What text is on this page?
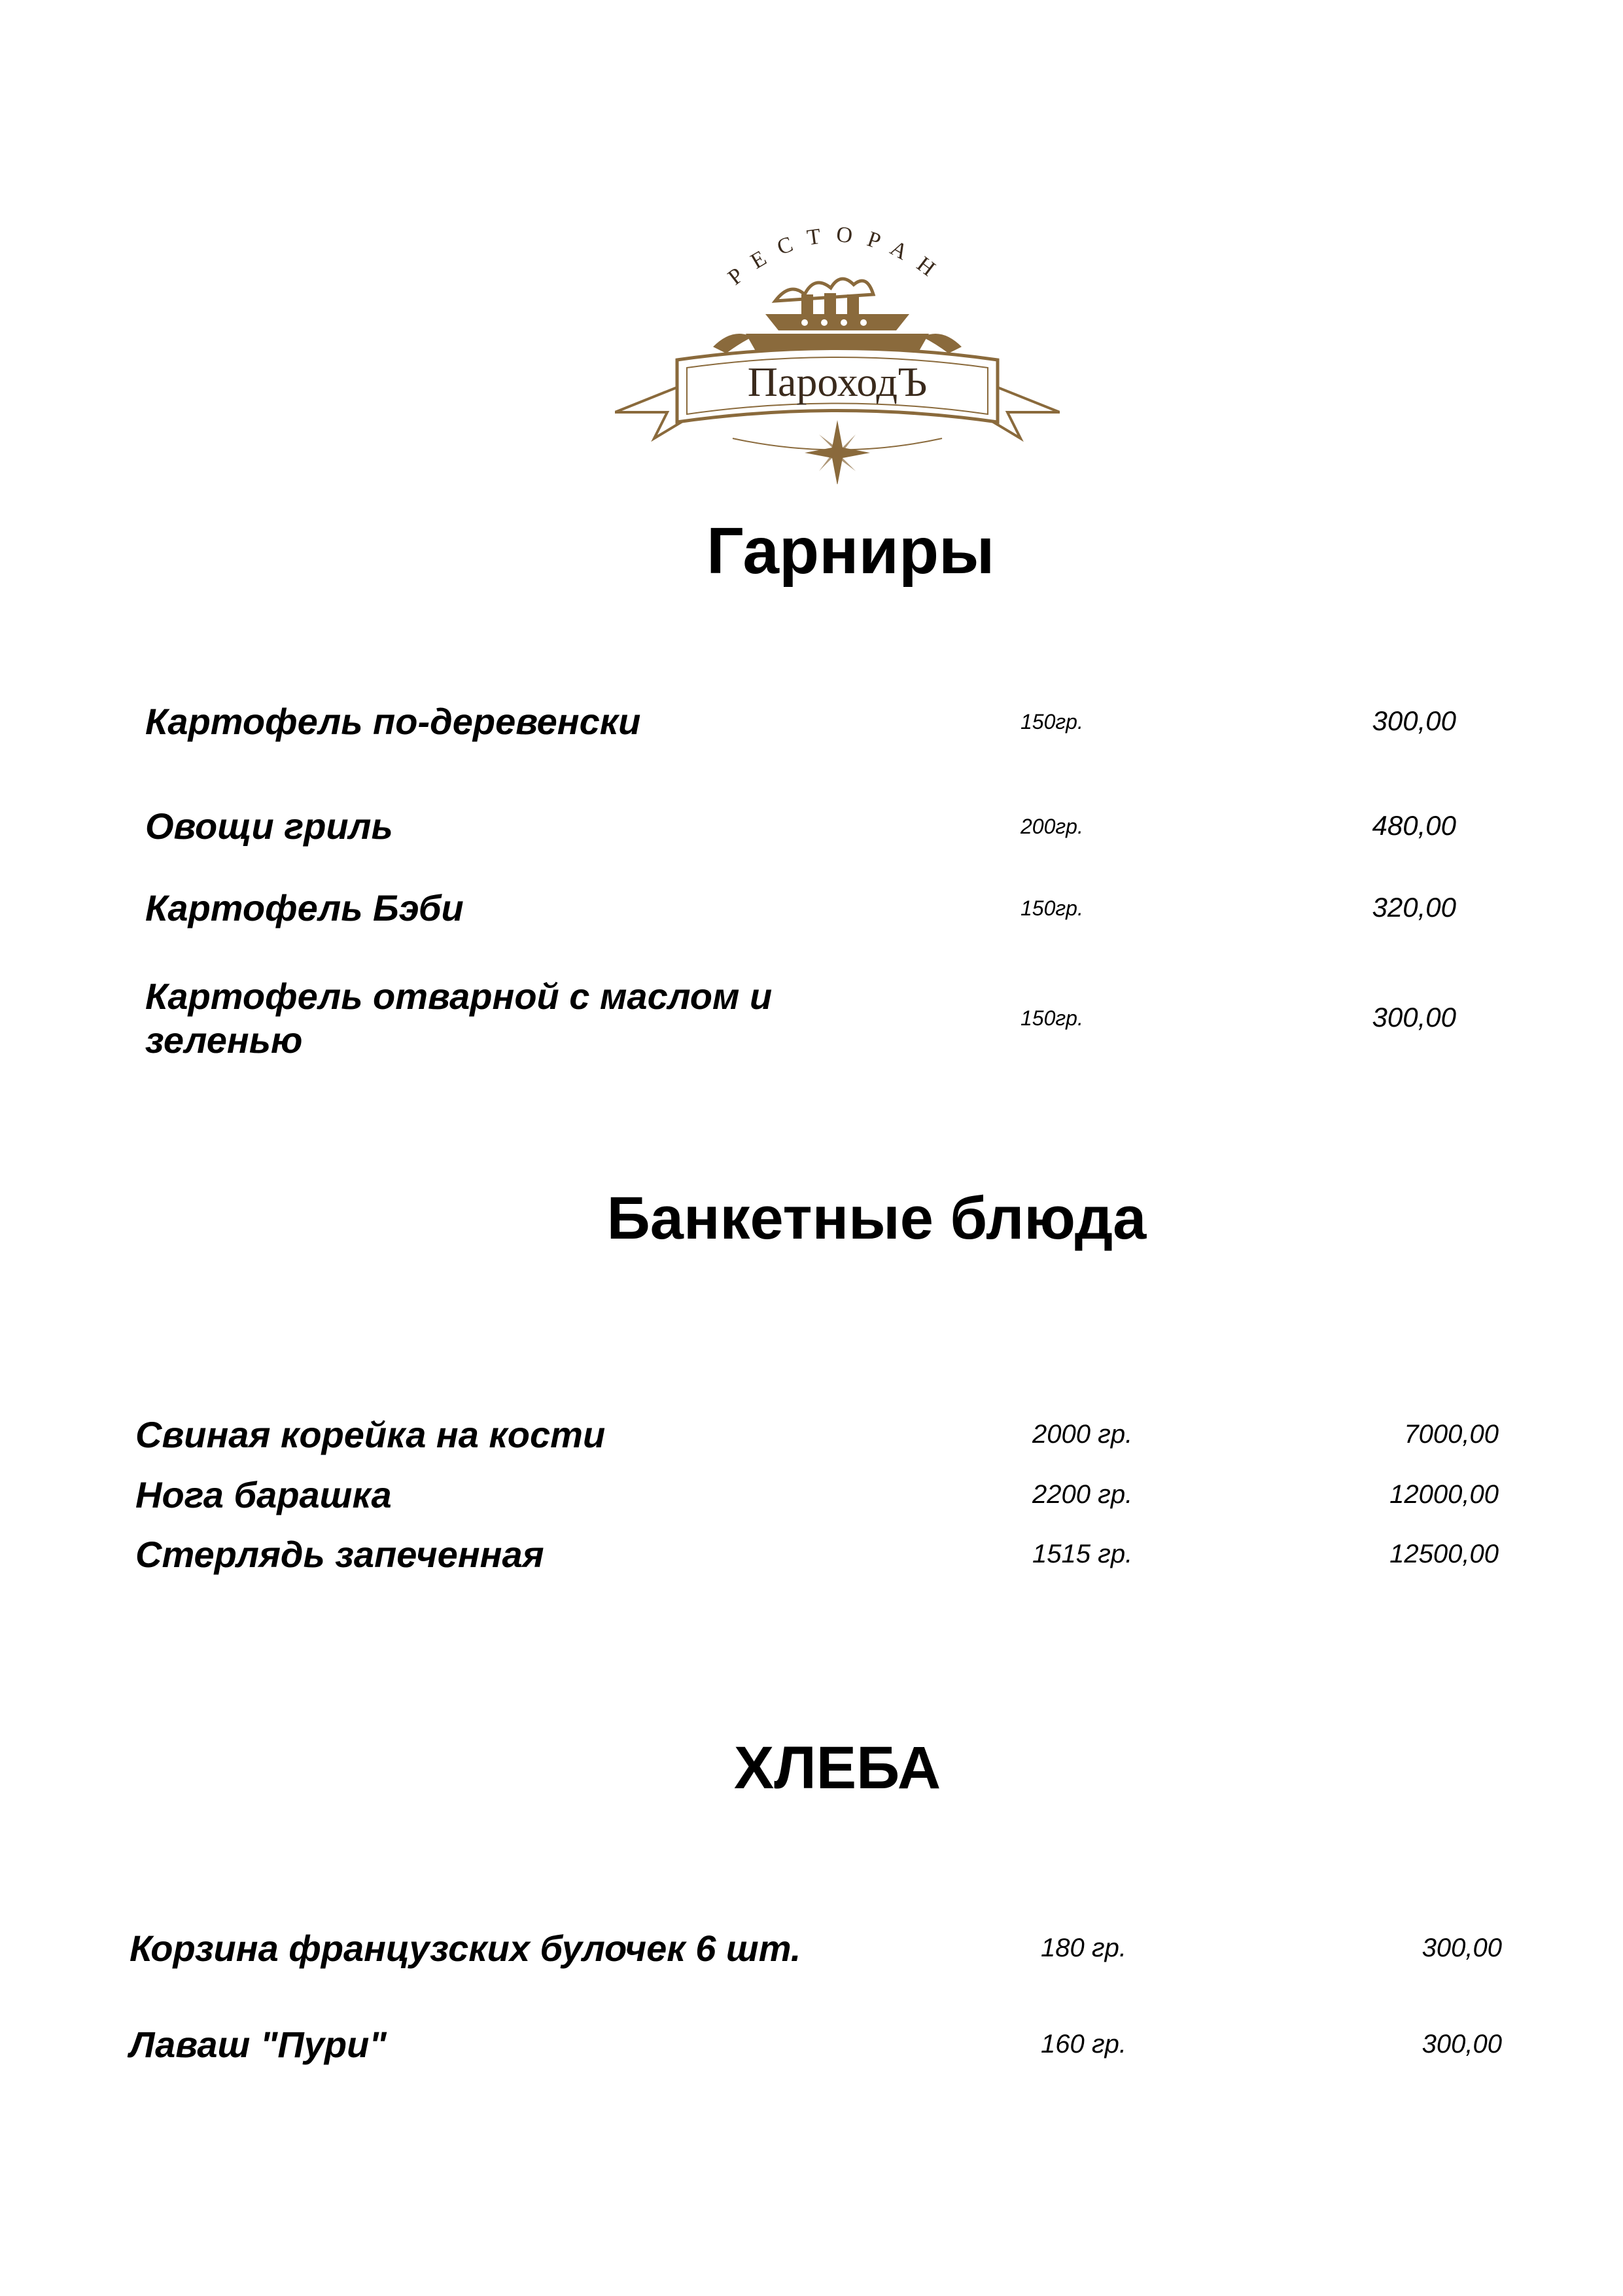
РЕСТОРАН
ПароходЪ
Гарниры
Картофель по-деревенски	150гр.	300,00
Овощи гриль	200гр.	480,00
Картофель Бэби	150гр.	320,00
Картофель отварной с маслом и
зеленью
150гр.	300,00
Банкетные блюда
Свиная корейка на кости	2000 гр.	7000,00
Нога барашка	2200 гр.	12000,00
Стерлядь запеченная	1515 гр.	12500,00
ХЛЕБА
Корзина французских булочек 6 шт.	180 гр.	300,00
Лаваш "Пури"	160 гр.	300,00
